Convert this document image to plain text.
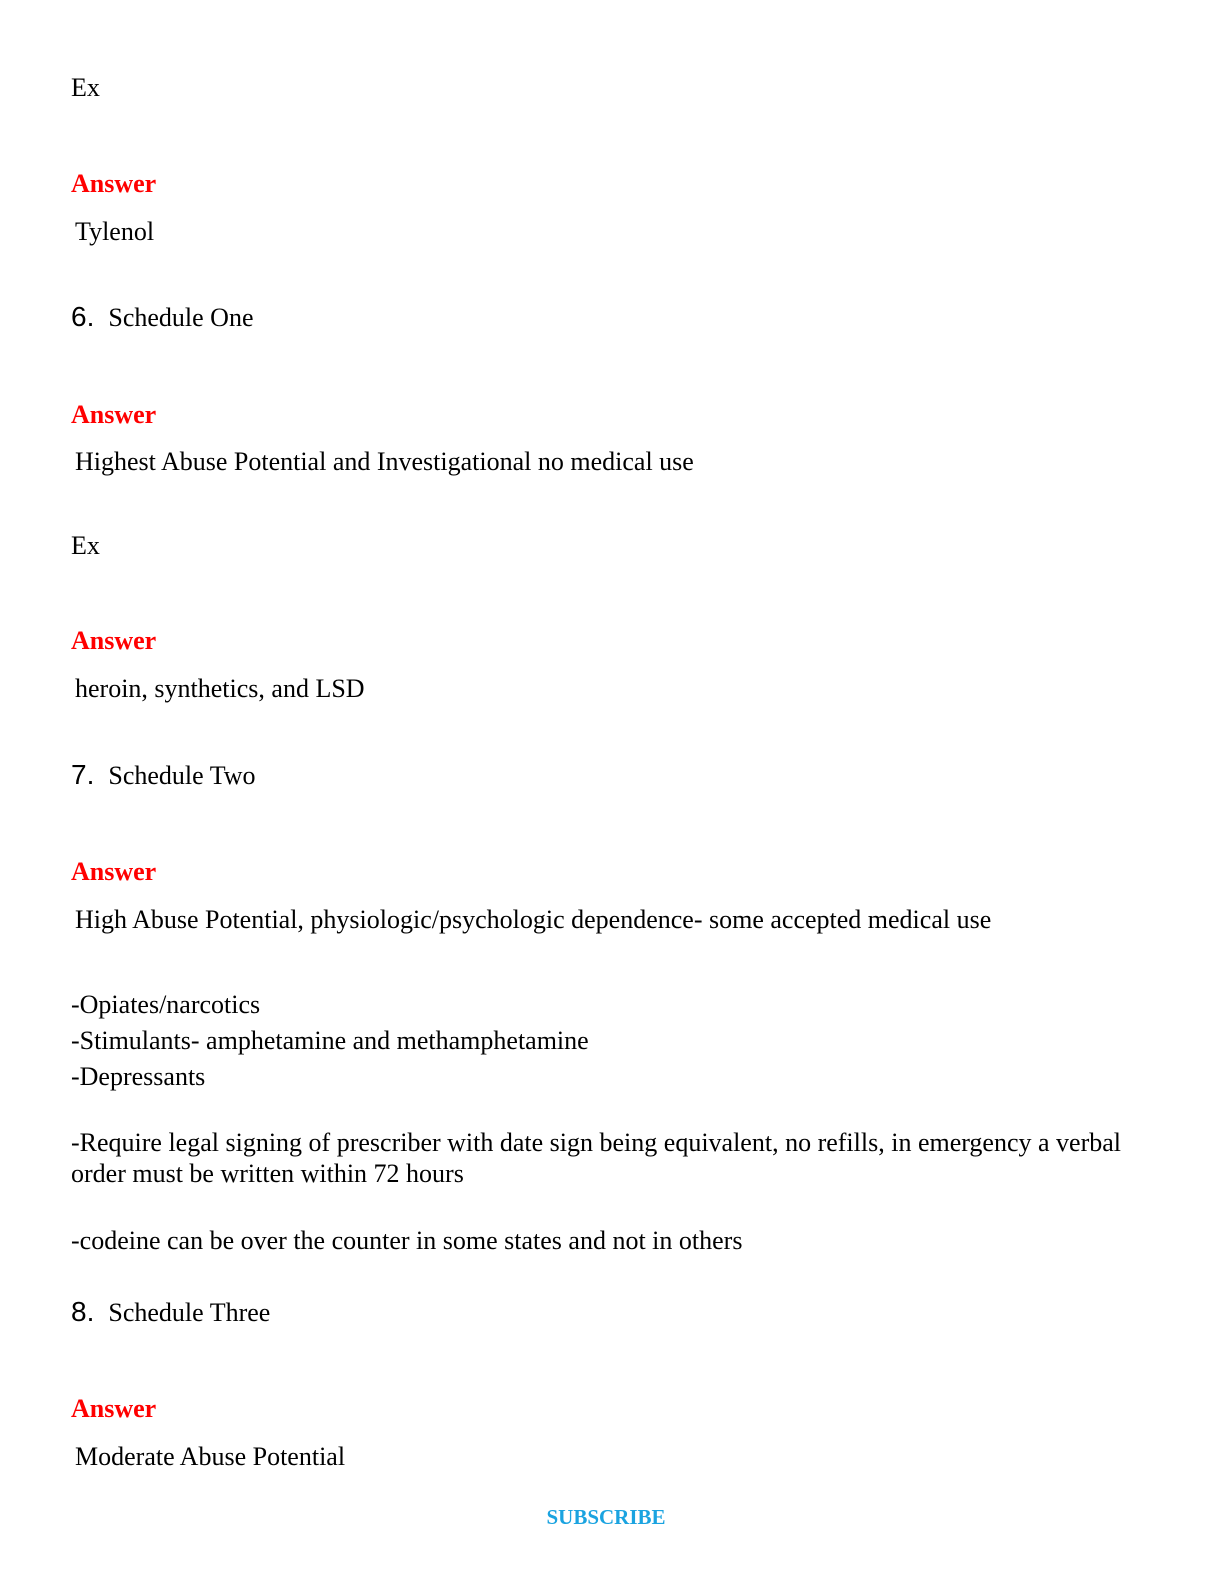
Ex
Answer
Tylenol
6. Schedule One
Answer
Highest Abuse Potential and Investigational no medical use
Ex
Answer
heroin, synthetics, and LSD
7. Schedule Two
Answer
High Abuse Potential, physiologic/psychologic dependence- some accepted medical use
-Opiates/narcotics
-Stimulants- amphetamine and methamphetamine
-Depressants
-Require legal signing of prescriber with date sign being equivalent, no refills, in emergency a verbal order must be written within 72 hours
-codeine can be over the counter in some states and not in others
8. Schedule Three
Answer
Moderate Abuse Potential
SUBSCRIBE
